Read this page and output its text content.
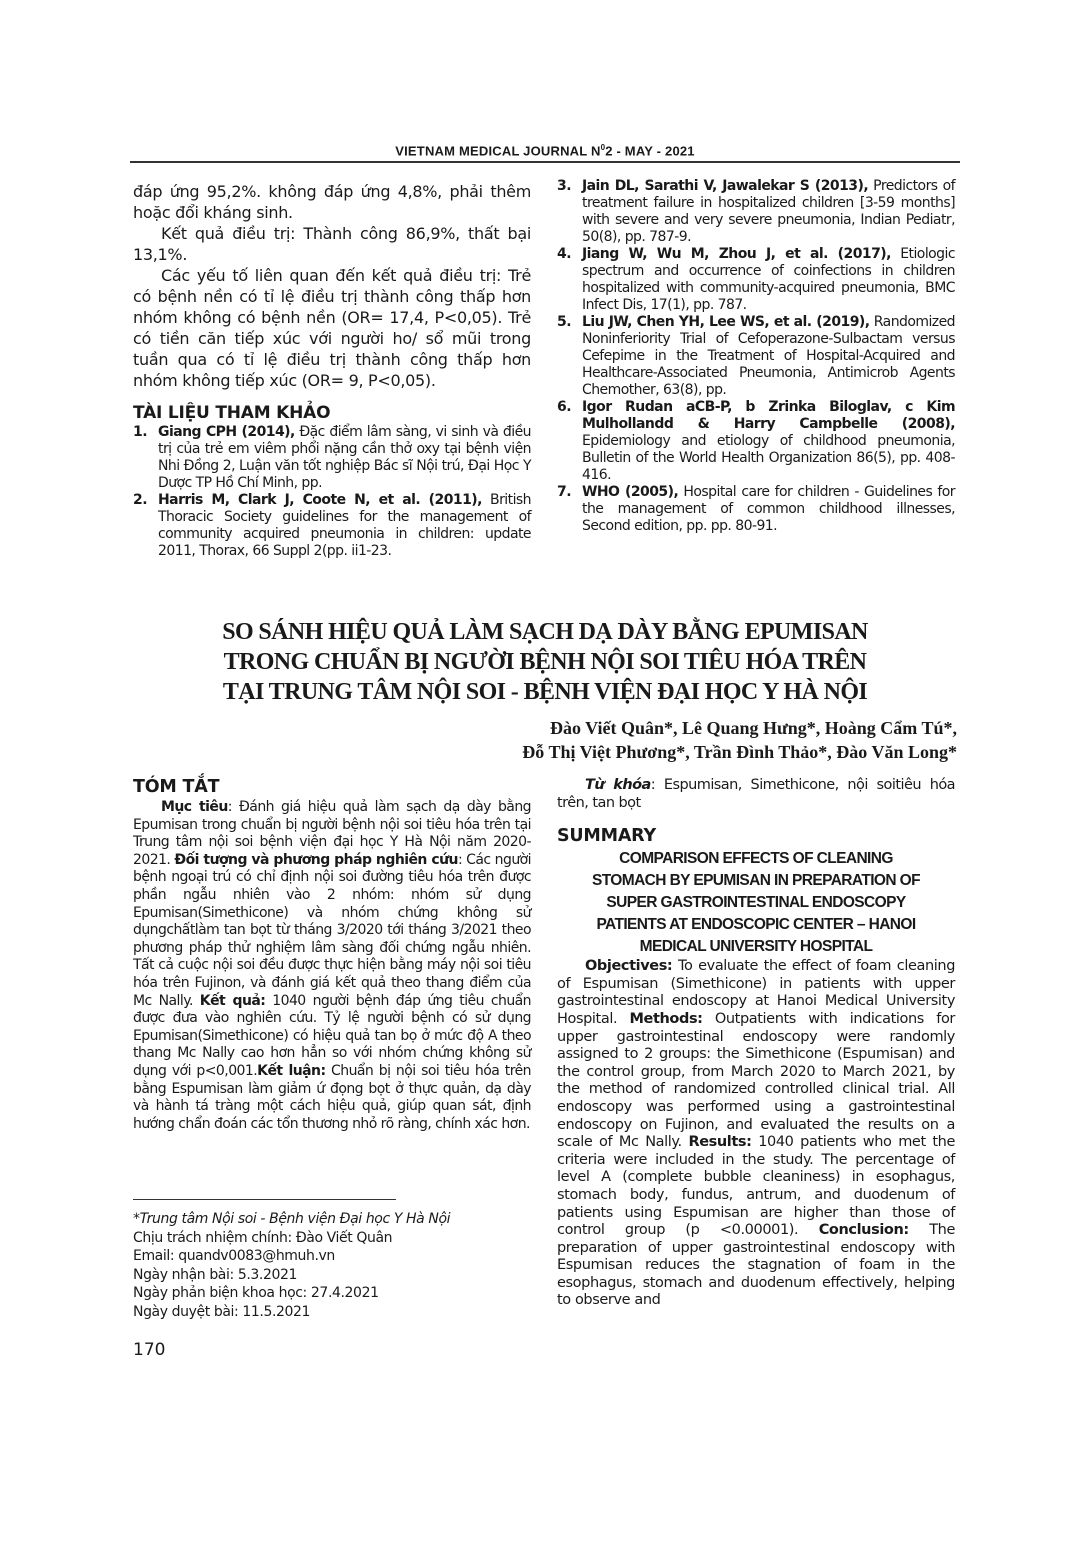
VIETNAM MEDICAL JOURNAL $N^02$ - MAY - 2021

đáp ứng 95,2%. không đáp ứng 4,8%, phải thêm hoặc đổi kháng sinh.

Kết quả điều trị: Thành công 86,9%, thất bại 13,1%.

Các yếu tố liên quan đến kết quả điều trị: Trẻ có bệnh nền có tỉ lệ điều trị thành công thấp hơn nhóm không có bệnh nền (OR= 17,4, P<0,05). Trẻ có tiền căn tiếp xúc với người ho/ sổ mũi trong tuần qua có tỉ lệ điều trị thành công thấp hơn nhóm không tiếp xúc (OR= 9, P<0,05).

TÀI LIỆU THAM KHẢO
1. Giang CPH (2014), Đặc điểm lâm sàng, vi sinh và điều trị của trẻ em viêm phổi nặng cần thở oxy tại bệnh viện Nhi Đồng 2, Luận văn tốt nghiệp Bác sĩ Nội trú, Đại Học Y Dược TP Hồ Chí Minh, pp.
2. Harris M, Clark J, Coote N, et al. (2011), British Thoracic Society guidelines for the management of community acquired pneumonia in children: update 2011, Thorax, 66 Suppl 2(pp. ii1-23.
3. Jain DL, Sarathi V, Jawalekar S (2013), Predictors of treatment failure in hospitalized children [3-59 months] with severe and very severe pneumonia, Indian Pediatr, 50(8), pp. 787-9.
4. Jiang W, Wu M, Zhou J, et al. (2017), Etiologic spectrum and occurrence of coinfections in children hospitalized with community-acquired pneumonia, BMC Infect Dis, 17(1), pp. 787.
5. Liu JW, Chen YH, Lee WS, et al. (2019), Randomized Noninferiority Trial of Cefoperazone-Sulbactam versus Cefepime in the Treatment of Hospital-Acquired and Healthcare-Associated Pneumonia, Antimicrob Agents Chemother, 63(8), pp.
6. Igor Rudan aCB-P, b Zrinka Biloglav, c Kim Mulhollandd & Harry Campbelle (2008), Epidemiology and etiology of childhood pneumonia, Bulletin of the World Health Organization 86(5), pp. 408-416.
7. WHO (2005), Hospital care for children - Guidelines for the management of common childhood illnesses, Second edition, pp. pp. 80-91.
SO SÁNH HIỆU QUẢ LÀM SẠCH DẠ DÀY BẰNG EPUMISAN
TRONG CHUẨN BỊ NGƯỜI BỆNH NỘI SOI TIÊU HÓA TRÊN
TẠI TRUNG TÂM NỘI SOI - BỆNH VIỆN ĐẠI HỌC Y HÀ NỘI
Đào Viết Quân*, Lê Quang Hưng*, Hoàng Cẩm Tú*,
Đỗ Thị Việt Phương*, Trần Đình Thảo*, Đào Văn Long*
TÓM TẮT

Mục tiêu: Đánh giá hiệu quả làm sạch dạ dày bằng Epumisan trong chuẩn bị người bệnh nội soi tiêu hóa trên tại Trung tâm nội soi bệnh viện đại học Y Hà Nội năm 2020-2021. Đối tượng và phương pháp nghiên cứu: Các người bệnh ngoại trú có chỉ định nội soi đường tiêu hóa trên được phần ngẫu nhiên vào 2 nhóm: nhóm sử dụng Epumisan(Simethicone) và nhóm chứng không sử dụngchấtlàm tan bọt từ tháng 3/2020 tới tháng 3/2021 theo phương pháp thử nghiệm lâm sàng đối chứng ngẫu nhiên. Tất cả cuộc nội soi đều được thực hiện bằng máy nội soi tiêu hóa trên Fujinon, và đánh giá kết quả theo thang điểm của Mc Nally. Kết quả: 1040 người bệnh đáp ứng tiêu chuẩn được đưa vào nghiên cứu. Tỷ lệ người bệnh có sử dụng Epumisan(Simethicone) có hiệu quả tan bọ ở mức độ A theo thang Mc Nally cao hơn hẳn so với nhóm chứng không sử dụng với p<0,001.Kết luận: Chuẩn bị nội soi tiêu hóa trên bằng Espumisan làm giảm ứ đọng bọt ở thực quản, dạ dày và hành tá tràng một cách hiệu quả, giúp quan sát, định hướng chẩn đoán các tổn thương nhỏ rõ ràng, chính xác hơn.

*Trung tâm Nội soi - Bệnh viện Đại học Y Hà Nội
Chịu trách nhiệm chính: Đào Viết Quân
Email: quandv0083@hmuh.vn
Ngày nhận bài: 5.3.2021
Ngày phản biện khoa học: 27.4.2021
Ngày duyệt bài: 11.5.2021
170

Từ khóa: Espumisan, Simethicone, nội soitiêu hóa trên, tan bọt

SUMMARY
COMPARISON EFFECTS OF CLEANING
STOMACH BY EPUMISAN IN PREPARATION OF
SUPER GASTROINTESTINAL ENDOSCOPY
PATIENTS AT ENDOSCOPIC CENTER – HANOI
MEDICAL UNIVERSITY HOSPITAL

Objectives: To evaluate the effect of foam cleaning of Espumisan (Simethicone) in patients with upper gastrointestinal endoscopy at Hanoi Medical University Hospital. Methods: Outpatients with indications for upper gastrointestinal endoscopy were randomly assigned to 2 groups: the Simethicone (Espumisan) and the control group, from March 2020 to March 2021, by the method of randomized controlled clinical trial. All endoscopy was performed using a gastrointestinal endoscopy on Fujinon, and evaluated the results on a scale of Mc Nally. Results: 1040 patients who met the criteria were included in the study. The percentage of level A (complete bubble cleaniness) in esophagus, stomach body, fundus, antrum, and duodenum of patients using Espumisan are higher than those of control group (p <0.00001). Conclusion: The preparation of upper gastrointestinal endoscopy with Espumisan reduces the stagnation of foam in the esophagus, stomach and duodenum effectively, helping to observe and
